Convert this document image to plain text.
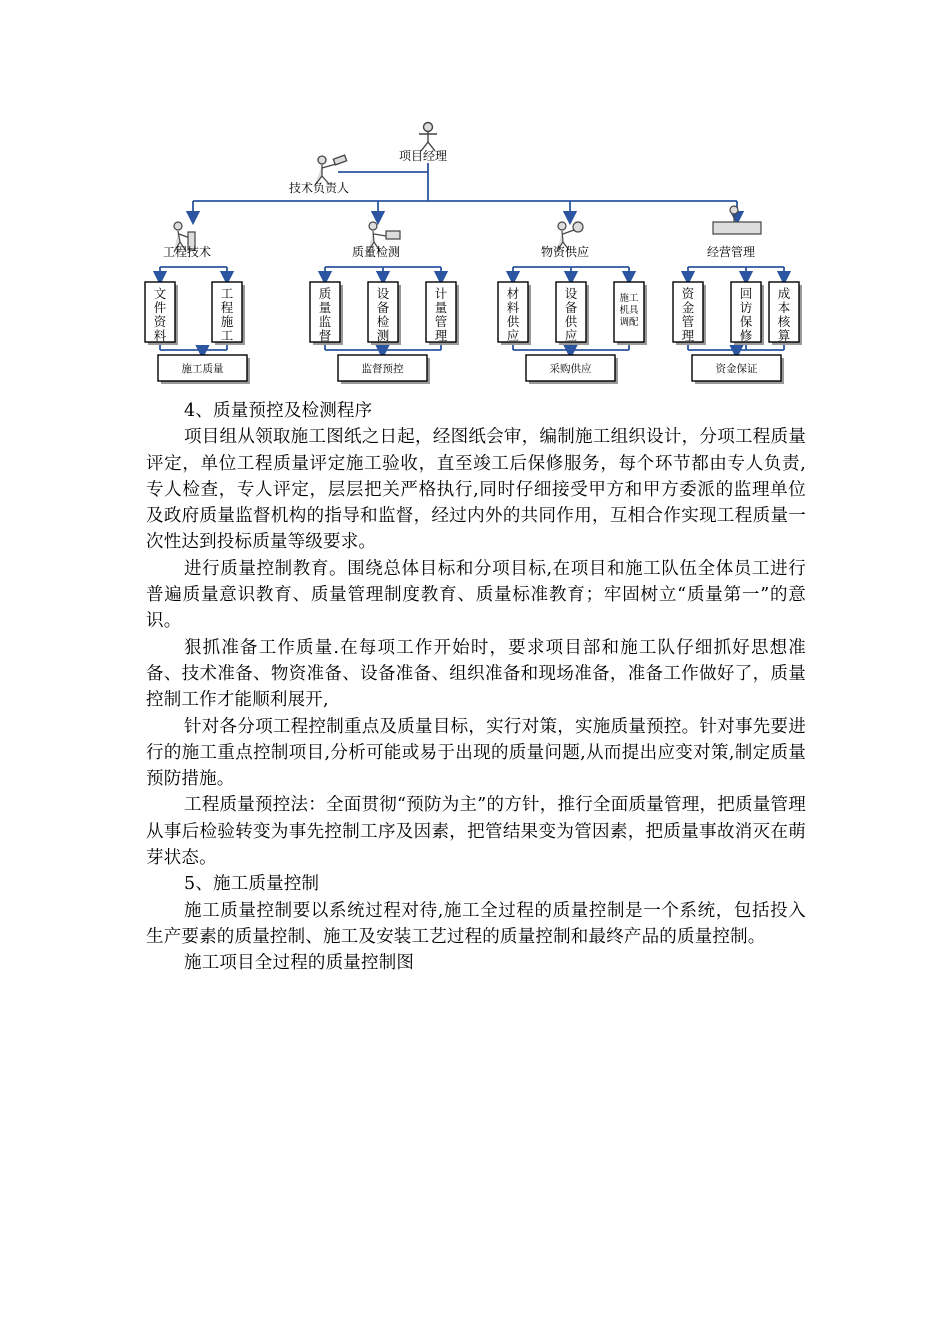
项目经理
技术负责人
工程技术	质量检测	物资供应	经营管理
文件资料
工程施工
施工质量
质量监督
设备检测
计量管理
监督预控
材料供应
设备供应
施工机具调配
采购供应
资金管理
回访保修
成本核算
资金保证

4、质量预控及检测程序

项目组从领取施工图纸之日起，经图纸会审，编制施工组织设计，分项工程质量评定，单位工程质量评定施工验收，直至竣工后保修服务，每个环节都由专人负责,专人检查，专人评定，层层把关严格执行,同时仔细接受甲方和甲方委派的监理单位及政府质量监督机构的指导和监督，经过内外的共同作用，互相合作实现工程质量一次性达到投标质量等级要求。

进行质量控制教育。围绕总体目标和分项目标,在项目和施工队伍全体员工进行普遍质量意识教育、质量管理制度教育、质量标准教育；牢固树立“质量第一”的意识。

狠抓准备工作质量.在每项工作开始时，要求项目部和施工队仔细抓好思想准备、技术准备、物资准备、设备准备、组织准备和现场准备，准备工作做好了，质量控制工作才能顺利展开,

针对各分项工程控制重点及质量目标，实行对策，实施质量预控。针对事先要进行的施工重点控制项目,分析可能或易于出现的质量问题,从而提出应变对策,制定质量预防措施。

工程质量预控法：全面贯彻“预防为主”的方针，推行全面质量管理，把质量管理从事后检验转变为事先控制工序及因素，把管结果变为管因素，把质量事故消灭在萌芽状态。

5、施工质量控制

施工质量控制要以系统过程对待,施工全过程的质量控制是一个系统，包括投入生产要素的质量控制、施工及安装工艺过程的质量控制和最终产品的质量控制。

施工项目全过程的质量控制图
